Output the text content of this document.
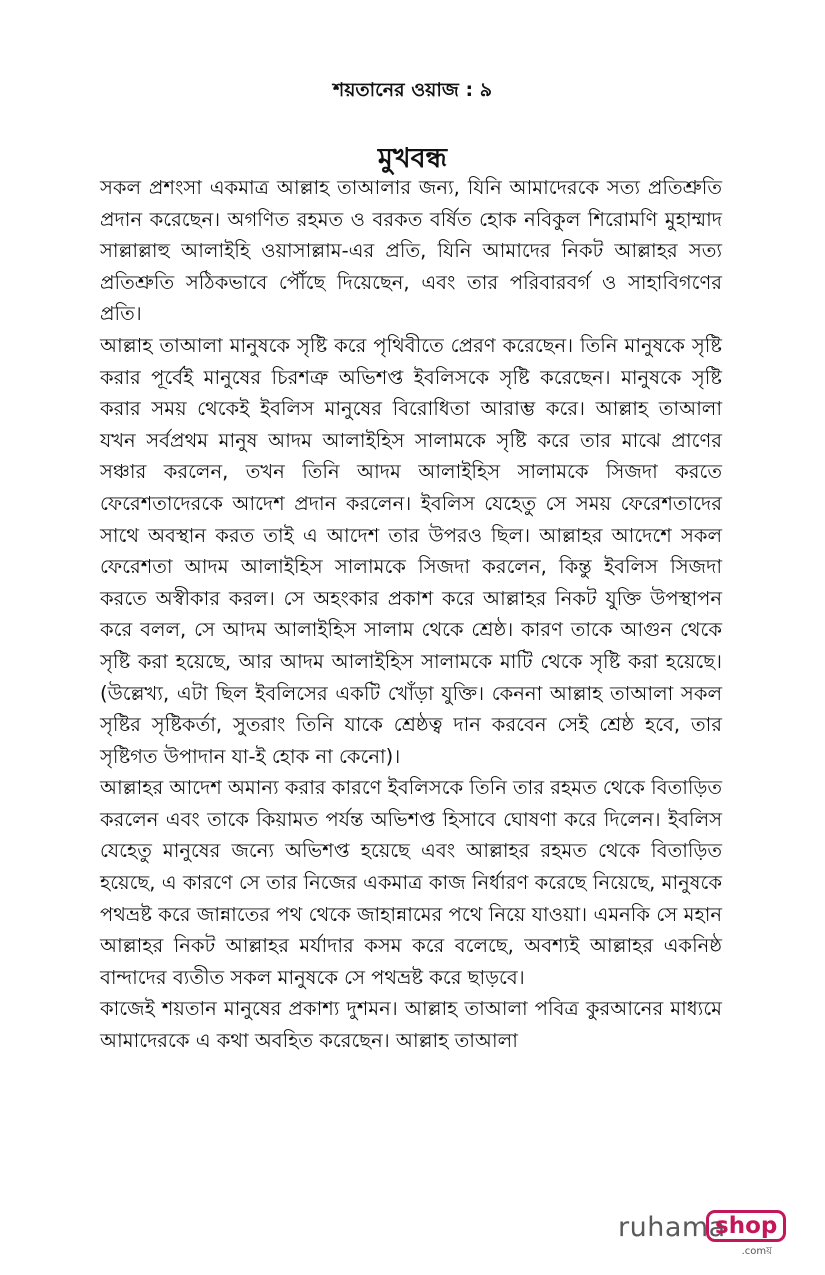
শয়তানের ওয়াজ : ৯
মুখবন্ধ

সকল প্রশংসা একমাত্র আল্লাহ তাআলার জন্য, যিনি আমাদেরকে সত্য প্রতিশ্রুতি প্রদান করেছেন। অগণিত রহমত ও বরকত বর্ষিত হোক নবিকুল শিরোমণি মুহাম্মাদ সাল্লাল্লাহু আলাইহি ওয়াসাল্লাম-এর প্রতি, যিনি আমাদের নিকট আল্লাহর সত্য প্রতিশ্রুতি সঠিকভাবে পৌঁছে দিয়েছেন, এবং তার পরিবারবর্গ ও সাহাবিগণের প্রতি।

আল্লাহ তাআলা মানুষকে সৃষ্টি করে পৃথিবীতে প্রেরণ করেছেন। তিনি মানুষকে সৃষ্টি করার পূর্বেই মানুষের চিরশত্রু অভিশপ্ত ইবলিসকে সৃষ্টি করেছেন। মানুষকে সৃষ্টি করার সময় থেকেই ইবলিস মানুষের বিরোধিতা আরাম্ভ করে। আল্লাহ তাআলা যখন সর্বপ্রথম মানুষ আদম আলাইহিস সালামকে সৃষ্টি করে তার মাঝে প্রাণের সঞ্চার করলেন, তখন তিনি আদম আলাইহিস সালামকে সিজদা করতে ফেরেশতাদেরকে আদেশ প্রদান করলেন। ইবলিস যেহেতু সে সময় ফেরেশতাদের সাথে অবস্থান করত তাই এ আদেশ তার উপরও ছিল। আল্লাহর আদেশে সকল ফেরেশতা আদম আলাইহিস সালামকে সিজদা করলেন, কিন্তু ইবলিস সিজদা করতে অস্বীকার করল। সে অহংকার প্রকাশ করে আল্লাহর নিকট যুক্তি উপস্থাপন করে বলল, সে আদম আলাইহিস সালাম থেকে শ্রেষ্ঠ। কারণ তাকে আগুন থেকে সৃষ্টি করা হয়েছে, আর আদম আলাইহিস সালামকে মাটি থেকে সৃষ্টি করা হয়েছে। (উল্লেখ্য, এটা ছিল ইবলিসের একটি খোঁড়া যুক্তি। কেননা আল্লাহ তাআলা সকল সৃষ্টির সৃষ্টিকর্তা, সুতরাং তিনি যাকে শ্রেষ্ঠত্ব দান করবেন সেই শ্রেষ্ঠ হবে, তার সৃষ্টিগত উপাদান যা-ই হোক না কেনো)।

আল্লাহর আদেশ অমান্য করার কারণে ইবলিসকে তিনি তার রহমত থেকে বিতাড়িত করলেন এবং তাকে কিয়ামত পর্যন্ত অভিশপ্ত হিসাবে ঘোষণা করে দিলেন। ইবলিস যেহেতু মানুষের জন্যে অভিশপ্ত হয়েছে এবং আল্লাহর রহমত থেকে বিতাড়িত হয়েছে, এ কারণে সে তার নিজের একমাত্র কাজ নির্ধারণ করেছে নিয়েছে, মানুষকে পথভ্রষ্ট করে জান্নাতের পথ থেকে জাহান্নামের পথে নিয়ে যাওয়া। এমনকি সে মহান আল্লাহর নিকট আল্লাহর মর্যাদার কসম করে বলেছে, অবশ্যই আল্লাহর একনিষ্ঠ বান্দাদের ব্যতীত সকল মানুষকে সে পথভ্রষ্ট করে ছাড়বে।

কাজেই শয়তান মানুষের প্রকাশ্য দুশমন। আল্লাহ তাআলা পবিত্র কুরআনের মাধ্যমে আমাদেরকে এ কথা অবহিত করেছেন। আল্লাহ তাআলা

ruhama
shop
.comয়
